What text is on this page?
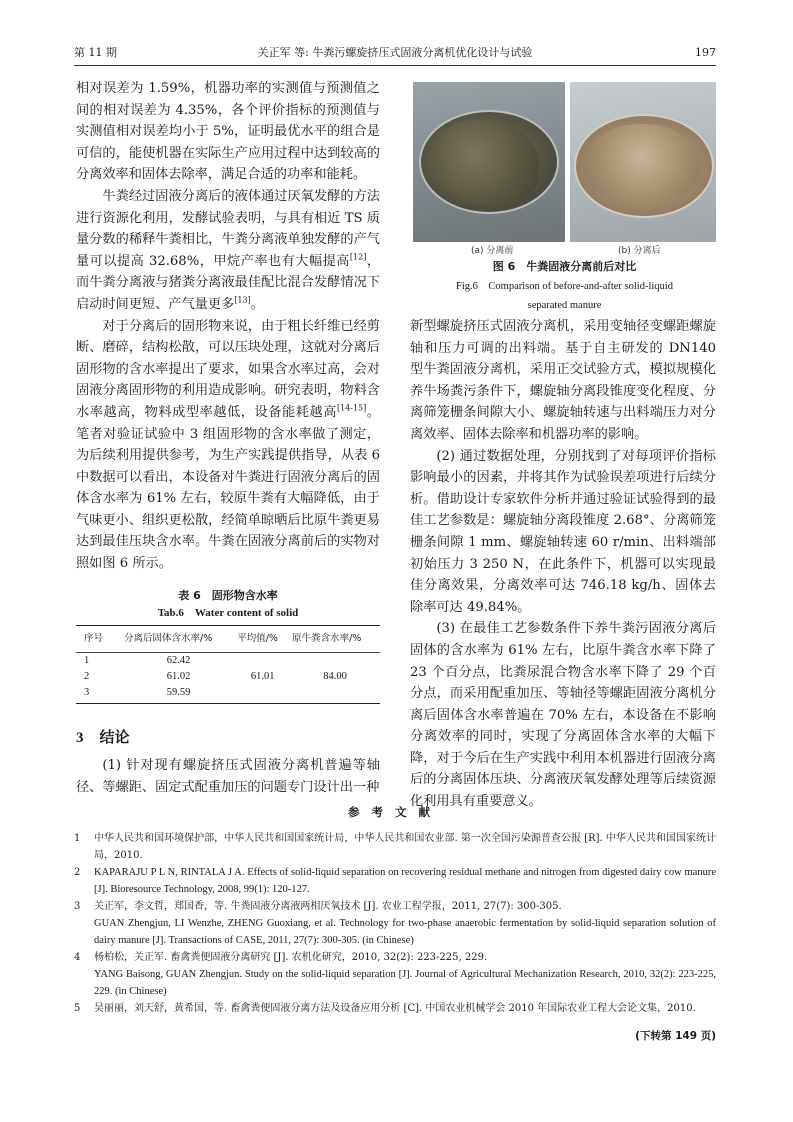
第 11 期	关正军 等: 牛粪污螺旋挤压式固液分离机优化设计与试验	197

相对误差为 1.59%，机器功率的实测值与预测值之间的相对误差为 4.35%，各个评价指标的预测值与实测值相对误差均小于 5%，证明最优水平的组合是可信的，能使机器在实际生产应用过程中达到较高的分离效率和固体去除率，满足合适的功率和能耗。

牛粪经过固液分离后的液体通过厌氧发酵的方法进行资源化利用，发酵试验表明，与具有相近 TS 质量分数的稀释牛粪相比，牛粪分离液单独发酵的产气量可以提高 32.68%，甲烷产率也有大幅提高[12]，而牛粪分离液与猪粪分离液最佳配比混合发酵情况下启动时间更短、产气量更多[13]。

对于分离后的固形物来说，由于粗长纤维已经剪断、磨碎，结构松散，可以压块处理，这就对分离后固形物的含水率提出了要求，如果含水率过高，会对固液分离固形物的利用造成影响。研究表明，物料含水率越高，物料成型率越低，设备能耗越高[14-15]。笔者对验证试验中 3 组固形物的含水率做了测定，为后续利用提供参考，为生产实践提供指导，从表 6 中数据可以看出，本设备对牛粪进行固液分离后的固体含水率为 61% 左右，较原牛粪有大幅降低，由于气味更小、组织更松散，经简单晾晒后比原牛粪更易达到最佳压块含水率。牛粪在固液分离前后的实物对照如图 6 所示。

表 6　固形物含水率
Tab.6　Water content of solid
序号	分离后固体含水率/%	平均值/%	原牛粪含水率/%
1	62.42		
2	61.02	61.01	84.00
3	59.59		
3 结论

(1) 针对现有螺旋挤压式固液分离机普遍等轴径、等螺距、固定式配重加压的问题专门设计出一种

(a) 分离前	(b) 分离后
图 6　牛粪固液分离前后对比
Fig.6　Comparison of before-and-after solid-liquid
separated manure

新型螺旋挤压式固液分离机，采用变轴径变螺距螺旋轴和压力可调的出料端。基于自主研发的 DN140 型牛粪固液分离机，采用正交试验方式，模拟规模化养牛场粪污条件下，螺旋轴分离段锥度变化程度、分离筛笼栅条间隙大小、螺旋轴转速与出料端压力对分离效率、固体去除率和机器功率的影响。

(2) 通过数据处理，分别找到了对每项评价指标影响最小的因素，并将其作为试验误差项进行后续分析。借助设计专家软件分析并通过验证试验得到的最佳工艺参数是：螺旋轴分离段锥度 2.68°、分离筛笼栅条间隙 1 mm、螺旋轴转速 60 r/min、出料端部初始压力 3 250 N，在此条件下，机器可以实现最佳分离效果，分离效率可达 746.18 kg/h、固体去除率可达 49.84%。

(3) 在最佳工艺参数条件下养牛粪污固液分离后固体的含水率为 61% 左右，比原牛粪含水率下降了 23 个百分点，比粪尿混合物含水率下降了 29 个百分点，而采用配重加压、等轴径等螺距固液分离机分离后固体含水率普遍在 70% 左右，本设备在不影响分离效率的同时，实现了分离固体含水率的大幅下降，对于今后在生产实践中利用本机器进行固液分离后的分离固体压块、分离液厌氧发酵处理等后续资源化利用具有重要意义。

参考文献

1 中华人民共和国环境保护部，中华人民共和国国家统计局，中华人民共和国农业部. 第一次全国污染源普查公报 [R]. 中华人民共和国国家统计局，2010.

2 KAPARAJU P L N, RINTALA J A. Effects of solid-liquid separation on recovering residual methane and nitrogen from digested dairy cow manure [J]. Bioresource Technology, 2008, 99(1): 120-127.

3 关正军，李文哲，郑国香，等. 牛粪固液分离液两相厌氧技术 [J]. 农业工程学报，2011, 27(7): 300-305.
GUAN Zhengjun, LI Wenzhe, ZHENG Guoxiang, et al. Technology for two-phase anaerobic fermentation by solid-liquid separation solution of dairy manure [J]. Transactions of CASE, 2011, 27(7): 300-305. (in Chinese)

4 杨柏松，关正军. 畜禽粪便固液分离研究 [J]. 农机化研究，2010, 32(2): 223-225, 229.
YANG Baisong, GUAN Zhengjun. Study on the solid-liquid separation [J]. Journal of Agricultural Mechanization Research, 2010, 32(2): 223-225, 229. (in Chinese)

5 吴丽丽，刘天舒，黄希国，等. 畜禽粪便固液分离方法及设备应用分析 [C]. 中国农业机械学会 2010 年国际农业工程大会论文集，2010.

(下转第 149 页)
